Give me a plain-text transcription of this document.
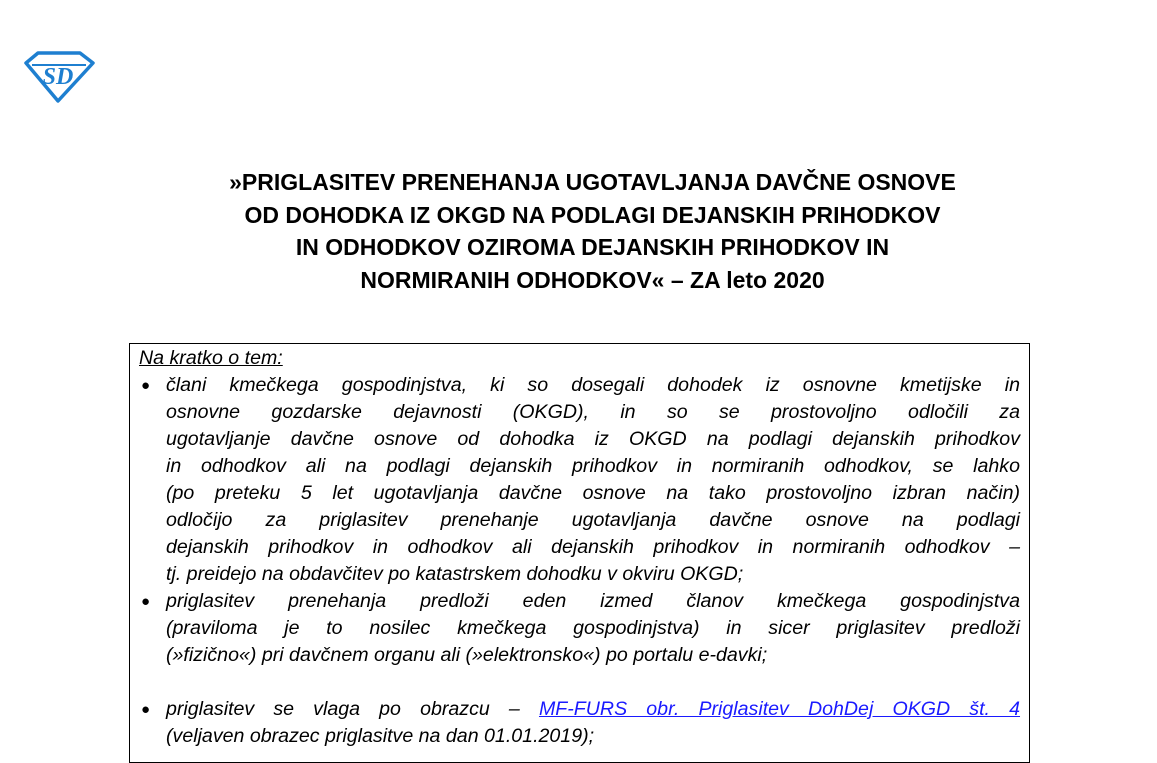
SD
»PRIGLASITEV PRENEHANJA UGOTAVLJANJA DAVČNE OSNOVE
OD DOHODKA IZ OKGD NA PODLAGI DEJANSKIH PRIHODKOV
IN ODHODKOV OZIROMA DEJANSKIH PRIHODKOV IN
NORMIRANIH ODHODKOV« – ZA leto 2020
Na kratko o tem:
● člani kmečkega gospodinjstva, ki so dosegali dohodek iz osnovne kmetijske in
osnovne gozdarske dejavnosti (OKGD), in so se prostovoljno odločili za
ugotavljanje davčne osnove od dohodka iz OKGD na podlagi dejanskih prihodkov
in odhodkov ali na podlagi dejanskih prihodkov in normiranih odhodkov, se lahko
(po preteku 5 let ugotavljanja davčne osnove na tako prostovoljno izbran način)
odločijo za priglasitev prenehanje ugotavljanja davčne osnove na podlagi
dejanskih prihodkov in odhodkov ali dejanskih prihodkov in normiranih odhodkov –
tj. preidejo na obdavčitev po katastrskem dohodku v okviru OKGD;
● priglasitev prenehanja predloži eden izmed članov kmečkega gospodinjstva
(praviloma je to nosilec kmečkega gospodinjstva) in sicer priglasitev predloži
(»fizično«) pri davčnem organu ali (»elektronsko«) po portalu e-davki;
● priglasitev se vlaga po obrazcu – MF-FURS obr. Priglasitev DohDej OKGD št. 4
(veljaven obrazec priglasitve na dan 01.01.2019);
